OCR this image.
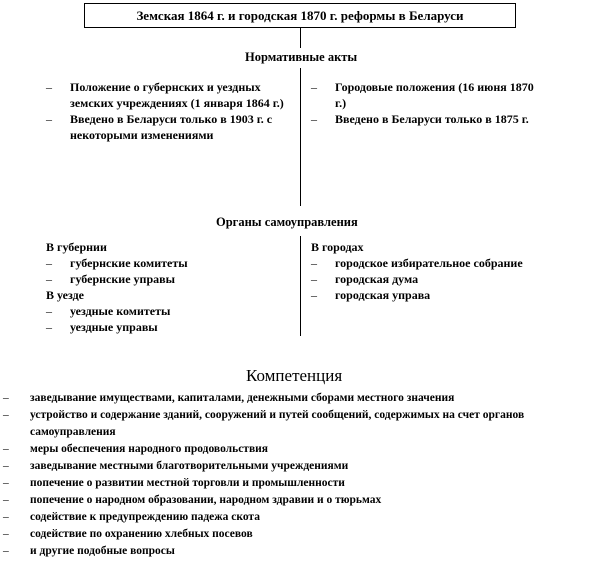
Земская 1864 г. и городская 1870 г. реформы в Беларуси
Нормативные акты
– Положение о губернских и уездных земских учреждениях (1 января 1864 г.)
– Введено в Беларуси только в 1903 г. с некоторыми изменениями
– Городовые положения (16 июня 1870 г.)
– Введено в Беларуси только в 1875 г.
Органы самоуправления
В губернии
– губернские комитеты
– губернские управы
В уезде
– уездные комитеты
– уездные управы
В городах
– городское избирательное собрание
– городская дума
– городская управа
Компетенция
– заведывание имуществами, капиталами, денежными сборами местного значения
– устройство и содержание зданий, сооружений и путей сообщений, содержимых на счет органов самоуправления
– меры обеспечения народного продовольствия
– заведывание местными благотворительными учреждениями
– попечение о развитии местной торговли и промышленности
– попечение о народном образовании, народном здравии и о тюрьмах
– содействие к предупреждению падежа скота
– содействие по охранению хлебных посевов
– и другие подобные вопросы
